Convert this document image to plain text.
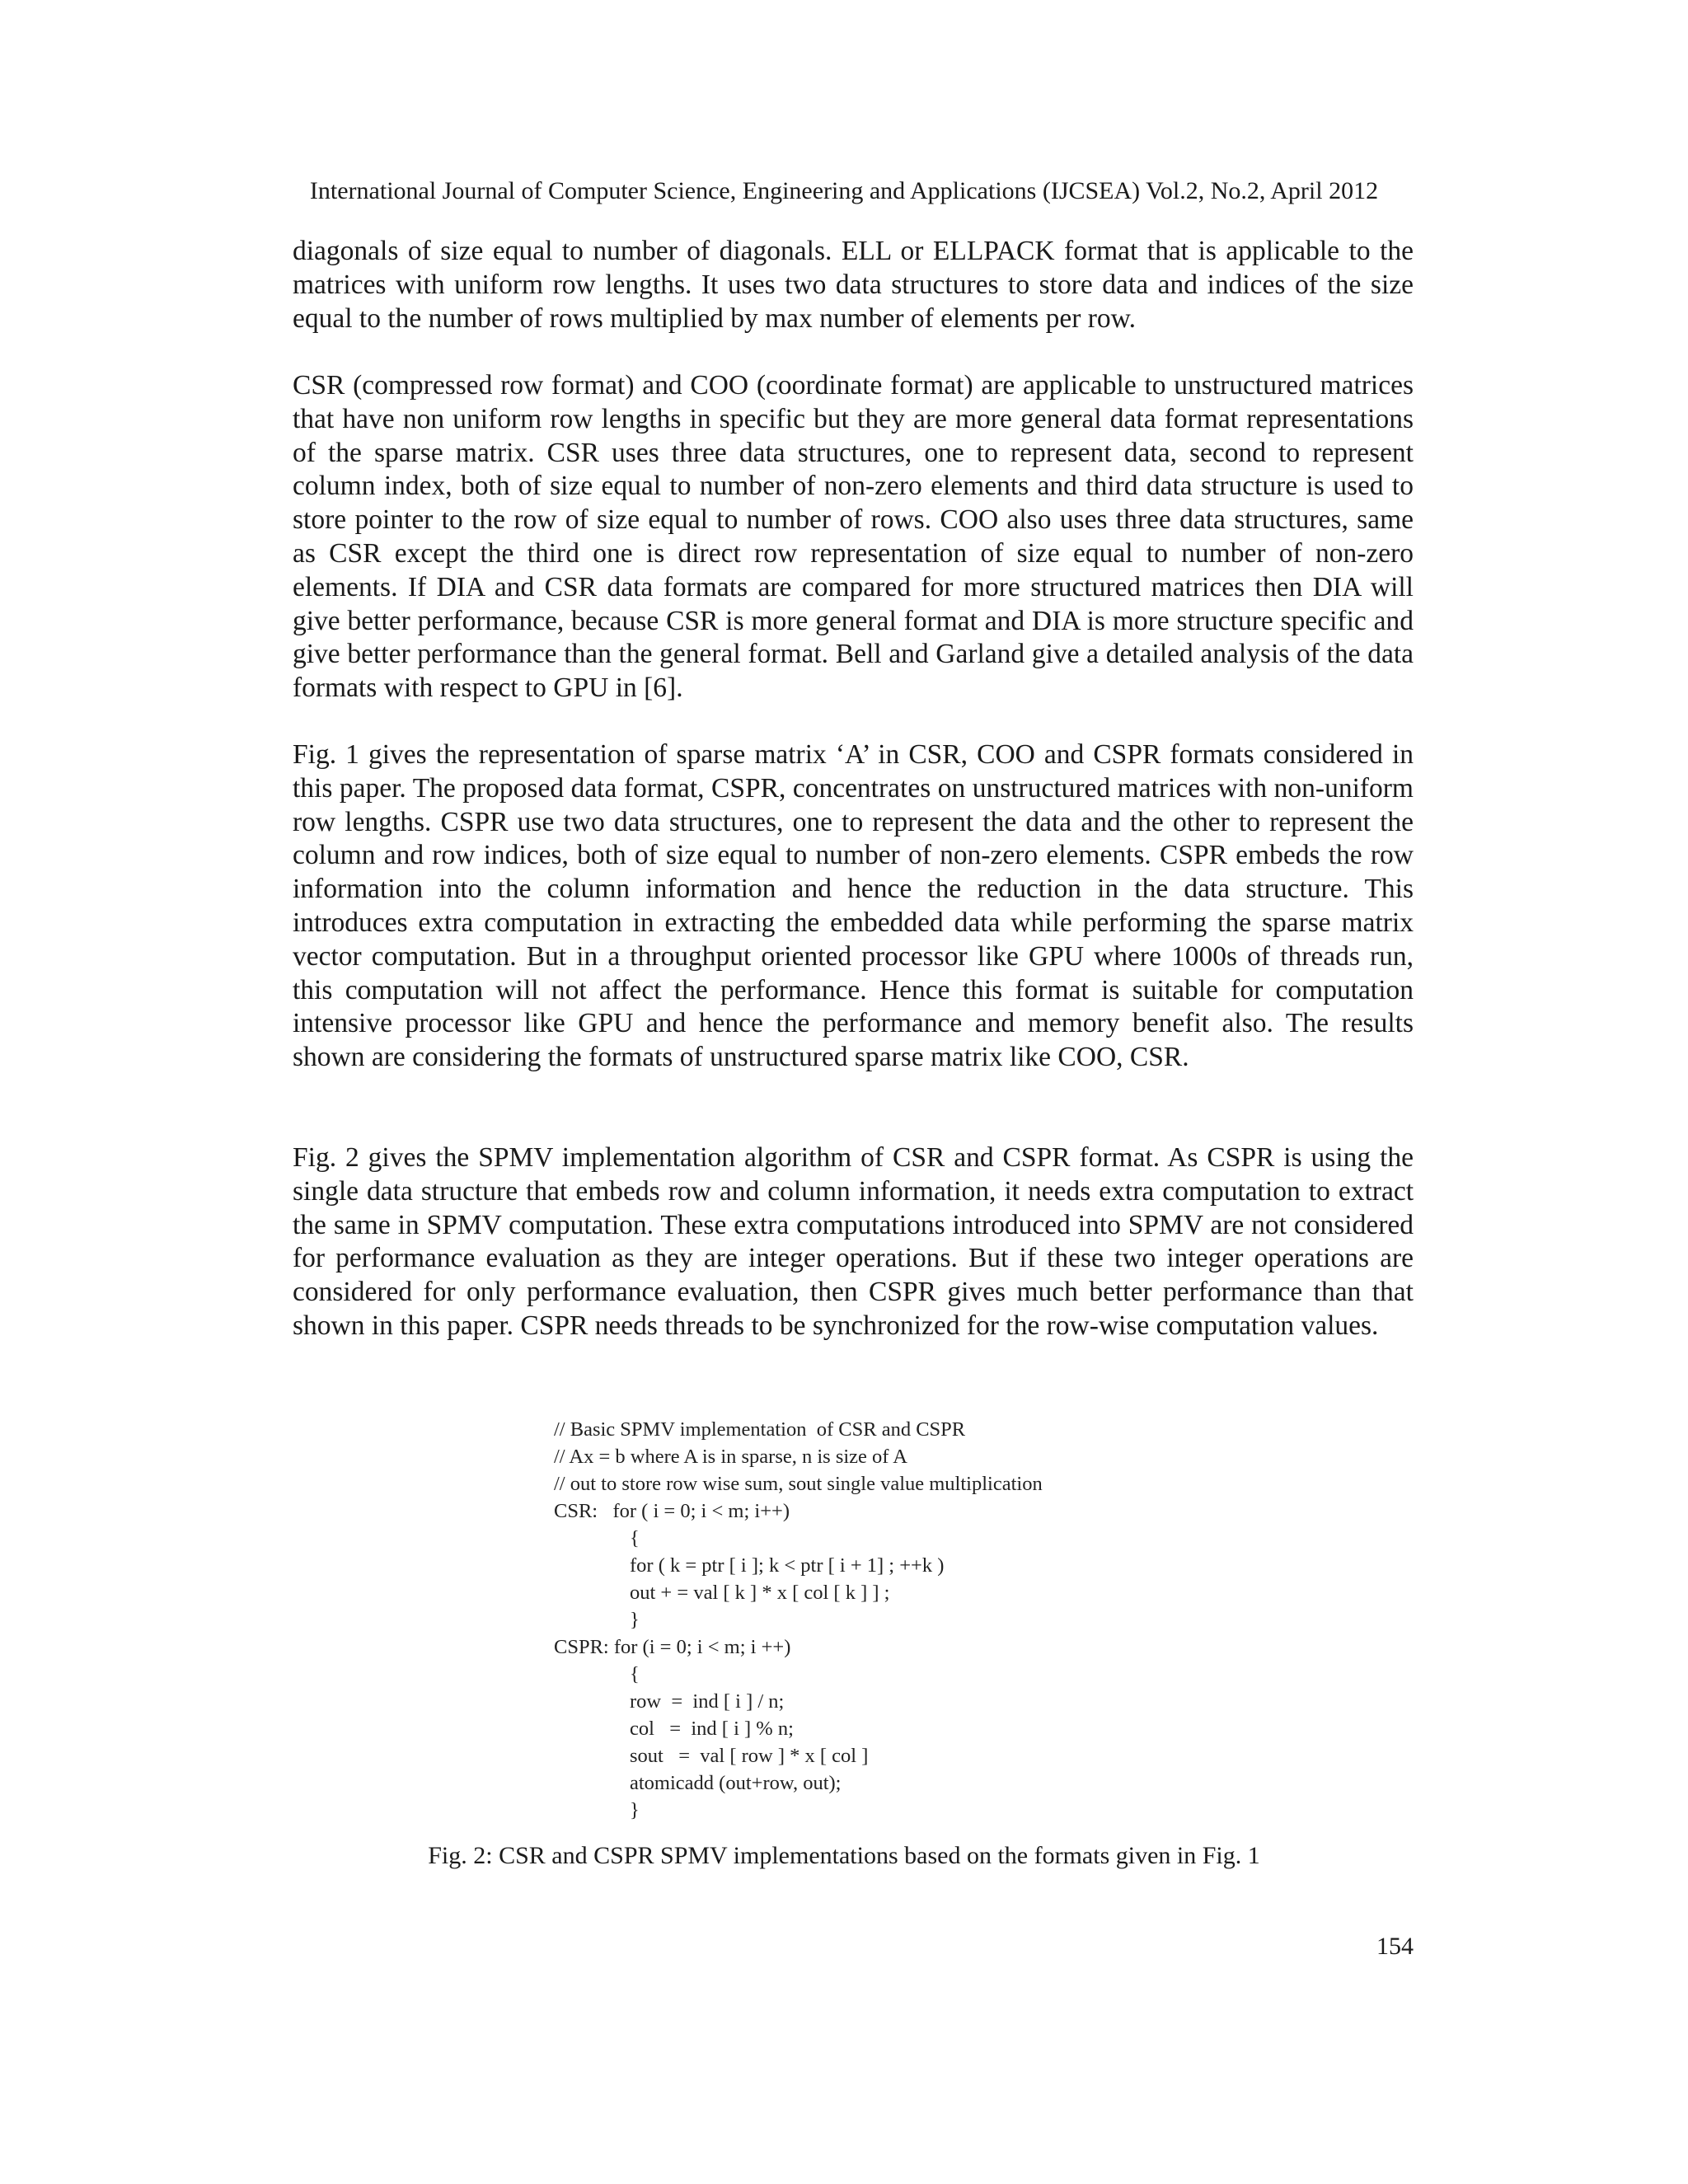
International Journal of Computer Science, Engineering and Applications (IJCSEA) Vol.2, No.2, April 2012

diagonals of size equal to number of diagonals. ELL or ELLPACK format that is applicable to the matrices with uniform row lengths. It uses two data structures to store data and indices of the size equal to the number of rows multiplied by max number of elements per row.

CSR (compressed row format) and COO (coordinate format) are applicable to unstructured matrices that have non uniform row lengths in specific but they are more general data format representations of the sparse matrix. CSR uses three data structures, one to represent data, second to represent column index, both of size equal to number of non-zero elements and third data structure is used to store pointer to the row of size equal to number of rows. COO also uses three data structures, same as CSR except the third one is direct row representation of size equal to number of non-zero elements. If DIA and CSR data formats are compared for more structured matrices then DIA will give better performance, because CSR is more general format and DIA is more structure specific and give better performance than the general format. Bell and Garland give a detailed analysis of the data formats with respect to GPU in [6].

Fig. 1 gives the representation of sparse matrix ‘A’ in CSR, COO and CSPR formats considered in this paper. The proposed data format, CSPR, concentrates on unstructured matrices with non-uniform row lengths. CSPR use two data structures, one to represent the data and the other to represent the column and row indices, both of size equal to number of non-zero elements. CSPR embeds the row information into the column information and hence the reduction in the data structure. This introduces extra computation in extracting the embedded data while performing the sparse matrix vector computation. But in a throughput oriented processor like GPU where 1000s of threads run, this computation will not affect the performance. Hence this format is suitable for computation intensive processor like GPU and hence the performance and memory benefit also. The results shown are considering the formats of unstructured sparse matrix like COO, CSR.

Fig. 2 gives the SPMV implementation algorithm of CSR and CSPR format. As CSPR is using the single data structure that embeds row and column information, it needs extra computation to extract the same in SPMV computation. These extra computations introduced into SPMV are not considered for performance evaluation as they are integer operations. But if these two integer operations are considered for only performance evaluation, then CSPR gives much better performance than that shown in this paper. CSPR needs threads to be synchronized for the row-wise computation values.

// Basic SPMV implementation  of CSR and CSPR
// Ax = b where A is in sparse, n is size of A
// out to store row wise sum, sout single value multiplication
CSR:   for ( i = 0; i < m; i++)
{
for ( k = ptr [ i ]; k < ptr [ i + 1] ; ++k )
out + = val [ k ] * x [ col [ k ] ] ;
}
CSPR: for (i = 0; i < m; i ++)
{
row  =  ind [ i ] / n;
col   =  ind [ i ] % n;
sout   =  val [ row ] * x [ col ]
atomicadd (out+row, out);
}
Fig. 2: CSR and CSPR SPMV implementations based on the formats given in Fig. 1
154
